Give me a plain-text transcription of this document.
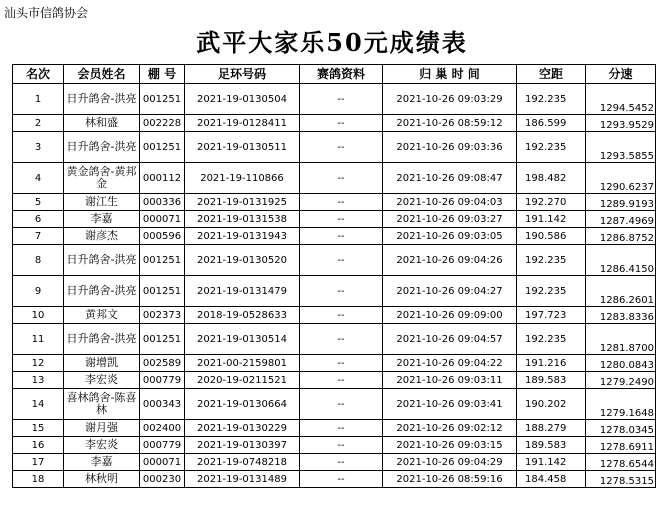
汕头市信鸽协会
武平大家乐50元成绩表
名次	会员姓名	棚 号	足环号码	赛鸽资料	归 巢 时 间	空距	分速
1	日升鸽舍-洪亮	001251	2021-19-0130504	--	2021-10-26 09:03:29	192.235	1294.5452
2	林和盛	002228	2021-19-0128411	--	2021-10-26 08:59:12	186.599	1293.9529
3	日升鸽舍-洪亮	001251	2021-19-0130511	--	2021-10-26 09:03:36	192.235	1293.5855
4	黄金鸽舍-黄邦金	000112	2021-19-110866	--	2021-10-26 09:08:47	198.482	1290.6237
5	谢江生	000336	2021-19-0131925	--	2021-10-26 09:04:03	192.270	1289.9193
6	李嘉	000071	2021-19-0131538	--	2021-10-26 09:03:27	191.142	1287.4969
7	谢彦杰	000596	2021-19-0131943	--	2021-10-26 09:03:05	190.586	1286.8752
8	日升鸽舍-洪亮	001251	2021-19-0130520	--	2021-10-26 09:04:26	192.235	1286.4150
9	日升鸽舍-洪亮	001251	2021-19-0131479	--	2021-10-26 09:04:27	192.235	1286.2601
10	黄邦文	002373	2018-19-0528633	--	2021-10-26 09:09:00	197.723	1283.8336
11	日升鸽舍-洪亮	001251	2021-19-0130514	--	2021-10-26 09:04:57	192.235	1281.8700
12	谢增凯	002589	2021-00-2159801	--	2021-10-26 09:04:22	191.216	1280.0843
13	李宏炎	000779	2020-19-0211521	--	2021-10-26 09:03:11	189.583	1279.2490
14	喜林鸽舍-陈喜林	000343	2021-19-0130664	--	2021-10-26 09:03:41	190.202	1279.1648
15	谢月强	002400	2021-19-0130229	--	2021-10-26 09:02:12	188.279	1278.0345
16	李宏炎	000779	2021-19-0130397	--	2021-10-26 09:03:15	189.583	1278.6911
17	李嘉	000071	2021-19-0748218	--	2021-10-26 09:04:29	191.142	1278.6544
18	林秋明	000230	2021-19-0131489	--	2021-10-26 08:59:16	184.458	1278.5315
